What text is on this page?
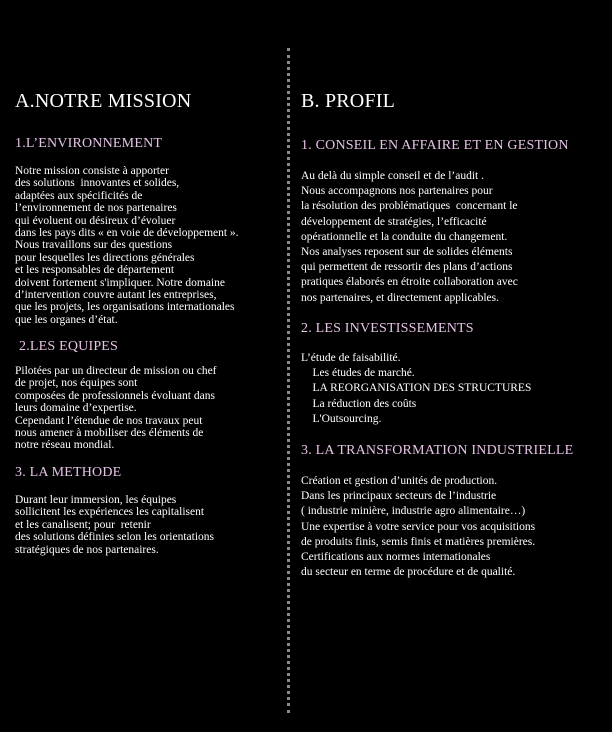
A.NOTRE MISSION
1.L’ENVIRONNEMENT
Notre mission consiste à apporter
des solutions  innovantes et solides,
adaptées aux spécificités de
l’environnement de nos partenaires
qui évoluent ou désireux d’évoluer
dans les pays dits « en voie de développement ».
Nous travaillons sur des questions
pour lesquelles les directions générales
et les responsables de département
doivent fortement s'impliquer. Notre domaine
d’intervention couvre autant les entreprises,
que les projets, les organisations internationales
que les organes d’état.
2.LES EQUIPES
Pilotées par un directeur de mission ou chef
de projet, nos équipes sont
composées de professionnels évoluant dans
leurs domaine d’expertise.
Cependant l’étendue de nos travaux peut
nous amener à mobiliser des éléments de
notre réseau mondial.
3. LA METHODE
Durant leur immersion, les équipes
sollicitent les expériences les capitalisent
et les canalisent; pour  retenir
des solutions définies selon les orientations
stratégiques de nos partenaires.
B. PROFIL
1. CONSEIL EN AFFAIRE ET EN GESTION
Au delà du simple conseil et de l’audit .
Nous accompagnons nos partenaires pour
la résolution des problématiques  concernant le
développement de stratégies, l’efficacité
opérationnelle et la conduite du changement.
Nos analyses reposent sur de solides éléments
qui permettent de ressortir des plans d’actions
pratiques élaborés en étroite collaboration avec
nos partenaires, et directement applicables.
2. LES INVESTISSEMENTS
L’étude de faisabilité.
Les études de marché.
LA REORGANISATION DES STRUCTURES
La réduction des coûts
L'Outsourcing.
3. LA TRANSFORMATION INDUSTRIELLE
Création et gestion d’unités de production.
Dans les principaux secteurs de l’industrie
( industrie minière, industrie agro alimentaire…)
Une expertise à votre service pour vos acquisitions
de produits finis, semis finis et matières premières.
Certifications aux normes internationales
du secteur en terme de procédure et de qualité.
